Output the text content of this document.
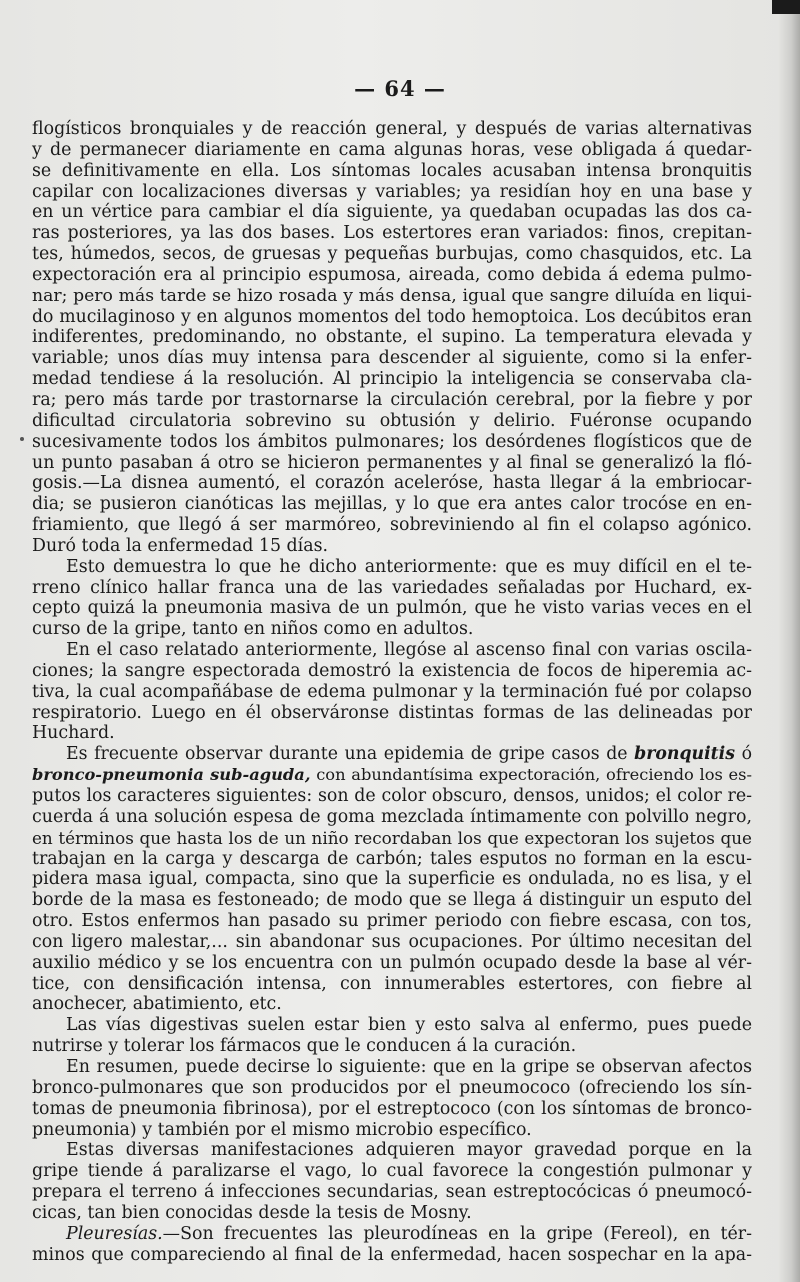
— 64 —
flogísticos bronquiales y de reacción general, y después de varias alternativas
y de permanecer diariamente en cama algunas horas, vese obligada á quedar-
se definitivamente en ella. Los síntomas locales acusaban intensa bronquitis
capilar con localizaciones diversas y variables; ya residían hoy en una base y
en un vértice para cambiar el día siguiente, ya quedaban ocupadas las dos ca-
ras posteriores, ya las dos bases. Los estertores eran variados: finos, crepitan-
tes, húmedos, secos, de gruesas y pequeñas burbujas, como chasquidos, etc. La
expectoración era al principio espumosa, aireada, como debida á edema pulmo-
nar; pero más tarde se hizo rosada y más densa, igual que sangre diluída en liqui-
do mucilaginoso y en algunos momentos del todo hemoptoica. Los decúbitos eran
indiferentes, predominando, no obstante, el supino. La temperatura elevada y
variable; unos días muy intensa para descender al siguiente, como si la enfer-
medad tendiese á la resolución. Al principio la inteligencia se conservaba cla-
ra; pero más tarde por trastornarse la circulación cerebral, por la fiebre y por
dificultad circulatoria sobrevino su obtusión y delirio. Fuéronse ocupando
sucesivamente todos los ámbitos pulmonares; los desórdenes flogísticos que de
un punto pasaban á otro se hicieron permanentes y al final se generalizó la fló-
gosis.—La disnea aumentó, el corazón aceleróse, hasta llegar á la embriocar-
dia; se pusieron cianóticas las mejillas, y lo que era antes calor trocóse en en-
friamiento, que llegó á ser marmóreo, sobreviniendo al fin el colapso agónico.
Duró toda la enfermedad 15 días.
Esto demuestra lo que he dicho anteriormente: que es muy difícil en el te-
rreno clínico hallar franca una de las variedades señaladas por Huchard, ex-
cepto quizá la pneumonia masiva de un pulmón, que he visto varias veces en el
curso de la gripe, tanto en niños como en adultos.
En el caso relatado anteriormente, llegóse al ascenso final con varias oscila-
ciones; la sangre espectorada demostró la existencia de focos de hiperemia ac-
tiva, la cual acompañábase de edema pulmonar y la terminación fué por colapso
respiratorio. Luego en él observáronse distintas formas de las delineadas por
Huchard.
Es frecuente observar durante una epidemia de gripe casos de bronquitis ó
bronco-pneumonia sub-aguda, con abundantísima expectoración, ofreciendo los es-
putos los caracteres siguientes: son de color obscuro, densos, unidos; el color re-
cuerda á una solución espesa de goma mezclada íntimamente con polvillo negro,
en términos que hasta los de un niño recordaban los que expectoran los sujetos que
trabajan en la carga y descarga de carbón; tales esputos no forman en la escu-
pidera masa igual, compacta, sino que la superficie es ondulada, no es lisa, y el
borde de la masa es festoneado; de modo que se llega á distinguir un esputo del
otro. Estos enfermos han pasado su primer periodo con fiebre escasa, con tos,
con ligero malestar,... sin abandonar sus ocupaciones. Por último necesitan del
auxilio médico y se los encuentra con un pulmón ocupado desde la base al vér-
tice, con densificación intensa, con innumerables estertores, con fiebre al
anochecer, abatimiento, etc.
Las vías digestivas suelen estar bien y esto salva al enfermo, pues puede
nutrirse y tolerar los fármacos que le conducen á la curación.
En resumen, puede decirse lo siguiente: que en la gripe se observan afectos
bronco-pulmonares que son producidos por el pneumococo (ofreciendo los sín-
tomas de pneumonia fibrinosa), por el estreptococo (con los síntomas de bronco-
pneumonia) y también por el mismo microbio específico.
Estas diversas manifestaciones adquieren mayor gravedad porque en la
gripe tiende á paralizarse el vago, lo cual favorece la congestión pulmonar y
prepara el terreno á infecciones secundarias, sean estreptocócicas ó pneumocó-
cicas, tan bien conocidas desde la tesis de Mosny.
Pleuresías.—Son frecuentes las pleurodíneas en la gripe (Fereol), en tér-
minos que compareciendo al final de la enfermedad, hacen sospechar en la apa-
